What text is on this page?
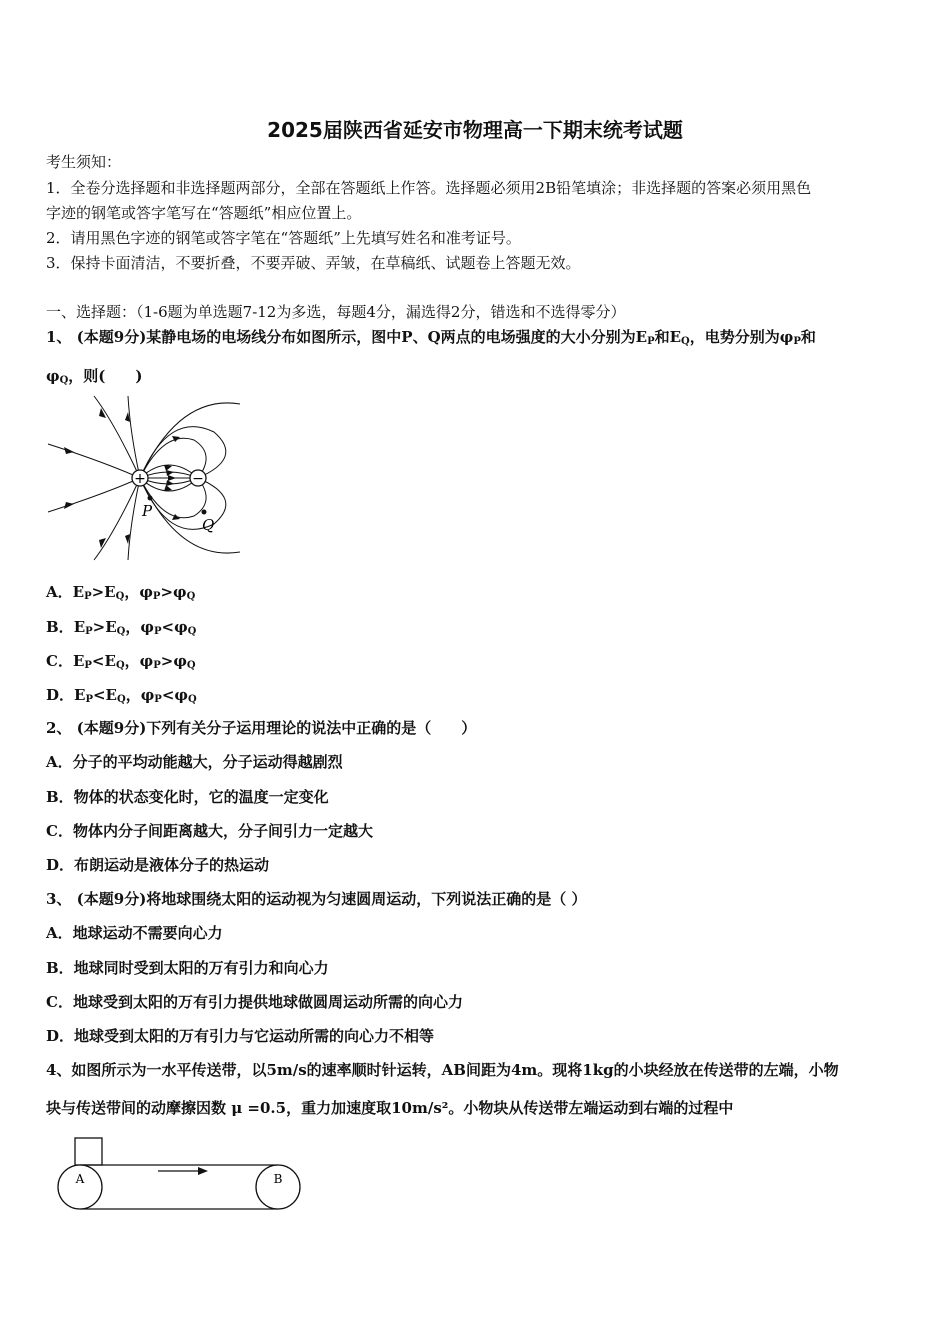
2025届陕西省延安市物理高一下期末统考试题
考生须知：
1．全卷分选择题和非选择题两部分，全部在答题纸上作答。选择题必须用2B铅笔填涂；非选择题的答案必须用黑色
字迹的钢笔或答字笔写在“答题纸”相应位置上。
2．请用黑色字迹的钢笔或答字笔在“答题纸”上先填写姓名和准考证号。
3．保持卡面清洁，不要折叠，不要弄破、弄皱，在草稿纸、试题卷上答题无效。
一、选择题：（1-6题为单选题7-12为多选，每题4分，漏选得2分，错选和不选得零分）
1、 (本题9分)某静电场的电场线分布如图所示，图中P、Q两点的电场强度的大小分别为$E_P$和$E_Q$，电势分别为$\varphi_P$和
$\varphi_Q$，则(　　)
+	−
P
Q
A．$E_P>E_Q$，$\varphi_P>\varphi_Q$
B．$E_P>E_Q$，$\varphi_P<\varphi_Q$
C．$E_P<E_Q$，$\varphi_P>\varphi_Q$
D．$E_P<E_Q$，$\varphi_P<\varphi_Q$
2、 (本题9分)下列有关分子运用理论的说法中正确的是（　　）
A．分子的平均动能越大，分子运动得越剧烈
B．物体的状态变化时，它的温度一定变化
C．物体内分子间距离越大，分子间引力一定越大
D．布朗运动是液体分子的热运动
3、 (本题9分)将地球围绕太阳的运动视为匀速圆周运动，下列说法正确的是（ ）
A．地球运动不需要向心力
B．地球同时受到太阳的万有引力和向心力
C．地球受到太阳的万有引力提供地球做圆周运动所需的向心力
D．地球受到太阳的万有引力与它运动所需的向心力不相等
4、如图所示为一水平传送带，以5m/s的速率顺时针运转，AB间距为4m。现将1kg的小块经放在传送带的左端，小物
块与传送带间的动摩擦因数 μ =0.5，重力加速度取10m/s²。小物块从传送带左端运动到右端的过程中
A	B
